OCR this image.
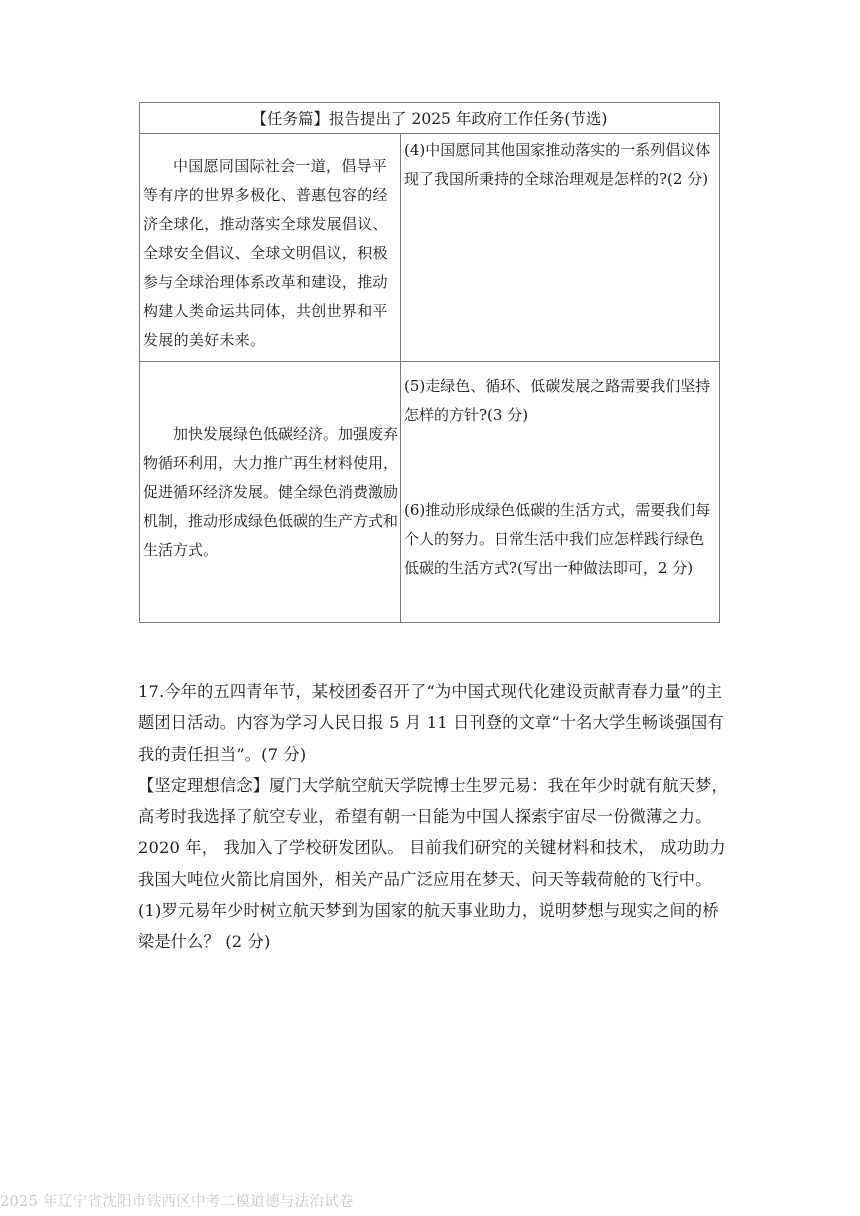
【任务篇】报告提出了 2025 年政府工作任务(节选)	

中国愿同国际社会一道，倡导平等有序的世界多极化、普惠包容的经济全球化，推动落实全球发展倡议、全球安全倡议、全球文明倡议，积极参与全球治理体系改革和建设，推动构建人类命运共同体，共创世界和平发展的美好未来。	(4)中国愿同其他国家推动落实的一系列倡议体现了我国所秉持的全球治理观是怎样的?(2 分)

加快发展绿色低碳经济。加强废弃物循环利用，大力推广再生材料使用，促进循环经济发展。健全绿色消费激励机制，推动形成绿色低碳的生产方式和生活方式。	(5)走绿色、循环、低碳发展之路需要我们坚持怎样的方针?(3 分)
(6)推动形成绿色低碳的生活方式，需要我们每个人的努力。日常生活中我们应怎样践行绿色低碳的生活方式?(写出一种做法即可，2 分)

17.今年的五四青年节，某校团委召开了“为中国式现代化建设贡献青春力量”的主题团日活动。内容为学习人民日报 5 月 11 日刊登的文章“十名大学生畅谈强国有我的责任担当”。(7 分)

【坚定理想信念】厦门大学航空航天学院博士生罗元易：我在年少时就有航天梦，高考时我选择了航空专业，希望有朝一日能为中国人探索宇宙尽一份微薄之力。2020 年， 我加入了学校研发团队。 目前我们研究的关键材料和技术， 成功助力我国大吨位火箭比肩国外，相关产品广泛应用在梦天、问天等载荷舱的飞行中。

(1)罗元易年少时树立航天梦到为国家的航天事业助力，说明梦想与现实之间的桥梁是什么？ (2 分)

2025 年辽宁省沈阳市铁西区中考二模道德与法治试卷
